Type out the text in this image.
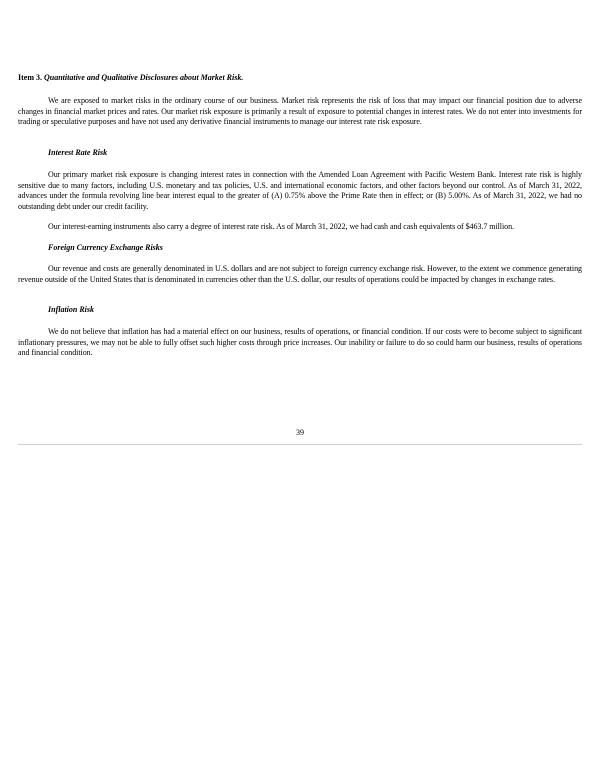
Item 3. Quantitative and Qualitative Disclosures about Market Risk.

We are exposed to market risks in the ordinary course of our business. Market risk represents the risk of loss that may impact our financial position due to adverse changes in financial market prices and rates. Our market risk exposure is primarily a result of exposure to potential changes in interest rates. We do not enter into investments for trading or speculative purposes and have not used any derivative financial instruments to manage our interest rate risk exposure.

Interest Rate Risk

Our primary market risk exposure is changing interest rates in connection with the Amended Loan Agreement with Pacific Western Bank. Interest rate risk is highly sensitive due to many factors, including U.S. monetary and tax policies, U.S. and international economic factors, and other factors beyond our control. As of March 31, 2022, advances under the formula revolving line bear interest equal to the greater of (A) 0.75% above the Prime Rate then in effect; or (B) 5.00%. As of March 31, 2022, we had no outstanding debt under our credit facility.

Our interest-earning instruments also carry a degree of interest rate risk. As of March 31, 2022, we had cash and cash equivalents of $463.7 million.

Foreign Currency Exchange Risks

Our revenue and costs are generally denominated in U.S. dollars and are not subject to foreign currency exchange risk. However, to the extent we commence generating revenue outside of the United States that is denominated in currencies other than the U.S. dollar, our results of operations could be impacted by changes in exchange rates.

Inflation Risk

We do not believe that inflation has had a material effect on our business, results of operations, or financial condition. If our costs were to become subject to significant inflationary pressures, we may not be able to fully offset such higher costs through price increases. Our inability or failure to do so could harm our business, results of operations and financial condition.

39
